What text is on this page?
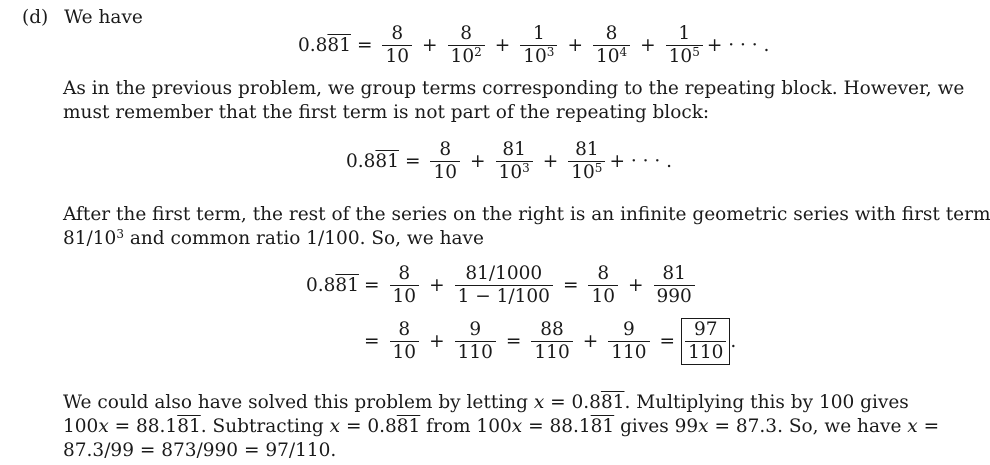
(d) We have
$0.881 = \frac{8}{10} + \frac{8}{10^2} + \frac{1}{10^3} + \frac{8}{10^4} + \frac{1}{10^5}$ + · · · .
As in the previous problem, we group terms corresponding to the repeating block. However, we
must remember that the first term is not part of the repeating block:
$0.881 = \frac{8}{10} + \frac{81}{10^3} + \frac{81}{10^5}$ + · · · .
After the first term, the rest of the series on the right is an infinite geometric series with first term
$81/10^3$ and common ratio 1/100. So, we have
$0.881 = \frac{8}{10} + \frac{81/1000}{1 - 1/100} = \frac{8}{10} + \frac{81}{990}$
= $\frac{8}{10} + \frac{9}{110} = \frac{88}{110} + \frac{9}{110} = \frac{97}{110}$ .
We could also have solved this problem by letting x = 0.881. Multiplying this by 100 gives
100x = 88.181. Subtracting x = 0.881 from 100x = 88.181 gives 99x = 87.3. So, we have x =
87.3/99 = 873/990 = 97/110.
